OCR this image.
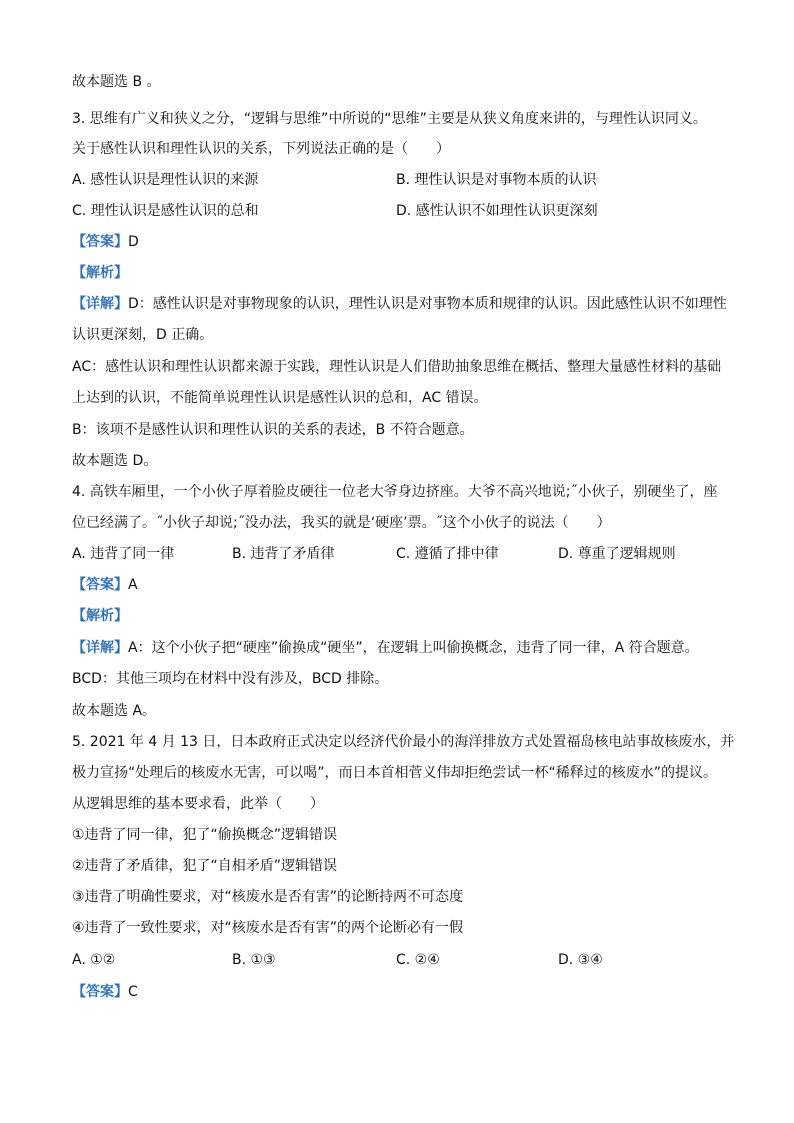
故本题选 B 。
3. 思维有广义和狭义之分，“逻辑与思维”中所说的“思维”主要是从狭义角度来讲的，与理性认识同义。
关于感性认识和理性认识的关系，下列说法正确的是（　　）
A. 感性认识是理性认识的来源	B. 理性认识是对事物本质的认识
C. 理性认识是感性认识的总和	D. 感性认识不如理性认识更深刻
【答案】D
【解析】
【详解】D：感性认识是对事物现象的认识，理性认识是对事物本质和规律的认识。因此感性认识不如理性
认识更深刻，D 正确。
AC：感性认识和理性认识都来源于实践，理性认识是人们借助抽象思维在概括、整理大量感性材料的基础
上达到的认识，不能简单说理性认识是感性认识的总和，AC 错误。
B：该项不是感性认识和理性认识的关系的表述，B 不符合题意。
故本题选 D。
4. 高铁车厢里，一个小伙子厚着脸皮硬往一位老大爷身边挤座。大爷不高兴地说;˝小伙子，别硬坐了，座
位已经满了。˝小伙子却说;˝没办法，我买的就是‘硬座’票。˝这个小伙子的说法（　　）
A. 违背了同一律	B. 违背了矛盾律	C. 遵循了排中律	D. 尊重了逻辑规则
【答案】A
【解析】
【详解】A：这个小伙子把“硬座”偷换成“硬坐”，在逻辑上叫偷换概念，违背了同一律，A 符合题意。
BCD：其他三项均在材料中没有涉及，BCD 排除。
故本题选 A。
5. 2021 年 4 月 13 日，日本政府正式决定以经济代价最小的海洋排放方式处置福岛核电站事故核废水，并
极力宣扬“处理后的核废水无害，可以喝”，而日本首相菅义伟却拒绝尝试一杯“稀释过的核废水”的提议。
从逻辑思维的基本要求看，此举（　　）
①违背了同一律，犯了“偷换概念”逻辑错误
②违背了矛盾律，犯了“自相矛盾”逻辑错误
③违背了明确性要求，对“核废水是否有害”的论断持两不可态度
④违背了一致性要求，对“核废水是否有害”的两个论断必有一假
A. ①②	B. ①③	C. ②④	D. ③④
【答案】C
